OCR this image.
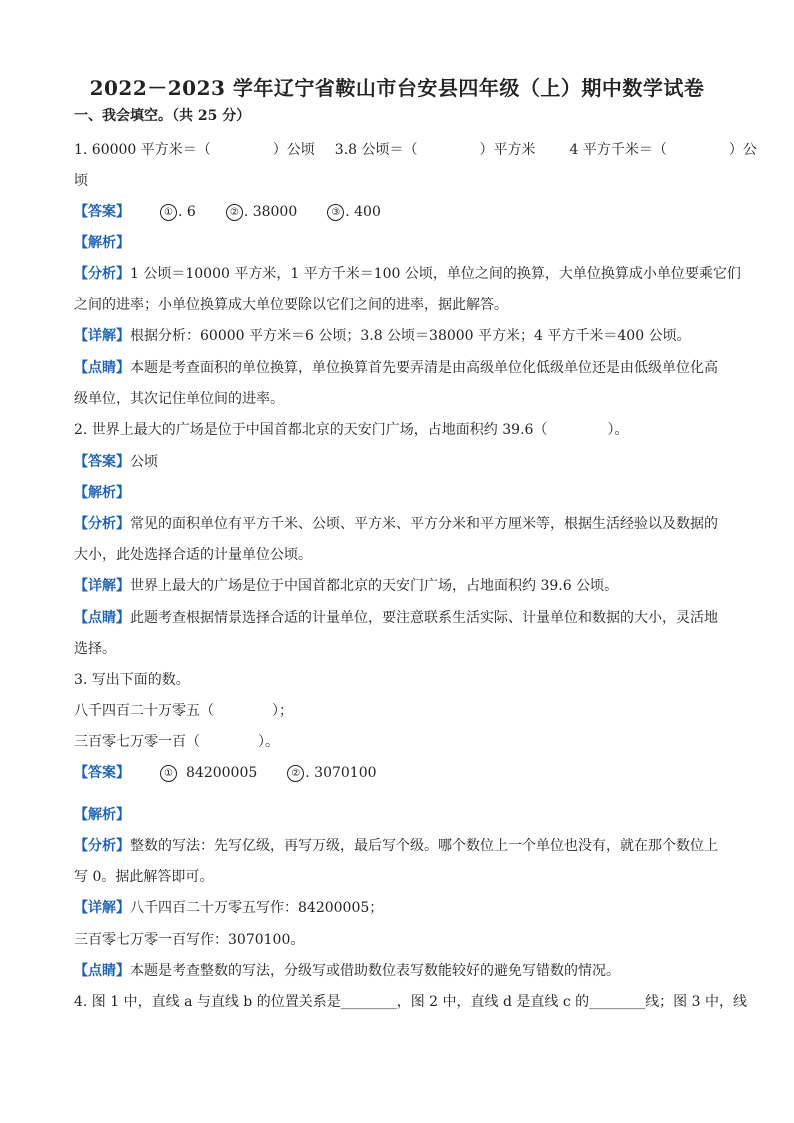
2022－2023 学年辽宁省鞍山市台安县四年级（上）期中数学试卷
一、我会填空。（共 25 分）
1. 60000 平方米＝（	）公顷 3.8 公顷＝（	）平方米 4 平方千米＝（	）公
顷
【答案】	① . 6	② . 38000	③ . 400
【解析】
【分析】1 公顷＝10000 平方米，1 平方千米＝100 公顷，单位之间的换算，大单位换算成小单位要乘它们
之间的进率；小单位换算成大单位要除以它们之间的进率，据此解答。
【详解】根据分析：60000 平方米＝6 公顷；3.8 公顷＝38000 平方米；4 平方千米＝400 公顷。
【点睛】本题是考查面积的单位换算，单位换算首先要弄清是由高级单位化低级单位还是由低级单位化高
级单位，其次记住单位间的进率。
2. 世界上最大的广场是位于中国首都北京的天安门广场，占地面积约 39.6（	）。
【答案】公顷
【解析】
【分析】常见的面积单位有平方千米、公顷、平方米、平方分米和平方厘米等，根据生活经验以及数据的
大小，此处选择合适的计量单位公顷。
【详解】世界上最大的广场是位于中国首都北京的天安门广场，占地面积约 39.6 公顷。
【点睛】此题考查根据情景选择合适的计量单位，要注意联系生活实际、计量单位和数据的大小，灵活地
选择。
3. 写出下面的数。
八千四百二十万零五（	）；
三百零七万零一百（	）。
【答案】	① 84200005	② . 3070100
【解析】
【分析】整数的写法：先写亿级，再写万级，最后写个级。哪个数位上一个单位也没有，就在那个数位上
写 0。据此解答即可。
【详解】八千四百二十万零五写作：84200005；
三百零七万零一百写作：3070100。
【点睛】本题是考查整数的写法，分级写或借助数位表写数能较好的避免写错数的情况。
4. 图 1 中，直线 a 与直线 b 的位置关系是________，图 2 中，直线 d 是直线 c 的________线；图 3 中，线
